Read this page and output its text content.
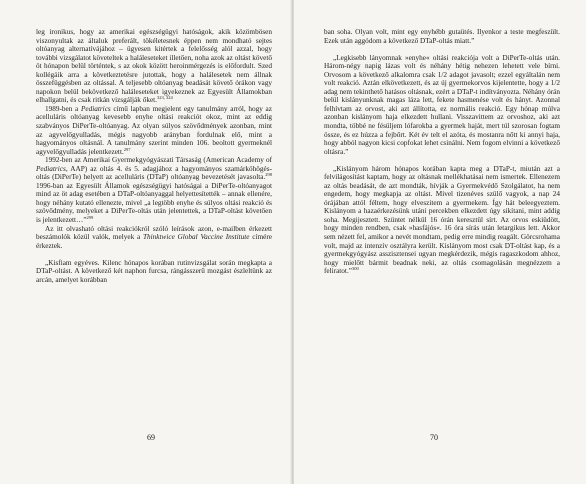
leg ironikus, hogy az amerikai egészségügyi hatóságok, akik közömbösen viszonyultak az általuk preferált, tökéletesnek éppen nem mondható sejtes oltóanyag alternatívájához – ügyesen kitértek a felelősség alól azzal, hogy további vizsgálatot követeltek a haláleseteket illetően, noha azok az oltást követő öt hónapon belül történtek, s az okok között heroinmérgezés is előfordult. Szed kollégáik arra a következtetésre jutottak, hogy a halálesetek nem állnak összefüggésben az oltással. A teljesebb oltóanyag beadását követő órákon vagy napokon belül bekövetkező haláleseteket igyekeznek az Egyesült Államokban elhallgatni, és csak ritkán vizsgálják őket.$^{323, 324}$

1989-ben a Pediatrics című lapban megjelent egy tanulmány arról, hogy az acelluláris oltóanyag kevesebb enyhe oltási reakciót okoz, mint az eddig szabványos DiPerTe-oltóanyag. Az olyan súlyos szövődmények azonban, mint az agyvelőgyulladás, mégis nagyobb arányban fordulnak elő, mint a hagyományos oltásnál. A tanulmány szerint minden 106. beoltott gyermeknél agyvelőgyulladás jelentkezett.$^{297}$

1992-ben az Amerikai Gyermekgyógyászati Társaság (American Academy of Pediatrics, AAP) az oltás 4. és 5. adagjához a hagyományos szamárköhögés-oltás (DiPerTe) helyett az acelluláris (DTaP) oltóanyag bevezetését javasolta.$^{298}$ 1996-ban az Egyesült Államok egészségügyi hatóságai a DiPerTe-oltóanyagot mind az öt adag esetében a DTaP-oltóanyaggal helyettesítették – annak ellenére, hogy néhány kutató ellenezte, mivel „a legtöbb enyhe és súlyos oltási reakció és szövődmény, melyeket a DiPerTe-oltás után jelentettek, a DTaP-oltást követően is jelentkezett…”$^{299}$

Az itt olvasható oltási reakciókról szóló leírások azon, e-mailben érkezett beszámolók közül valók, melyek a Thinktwice Global Vaccine Institute címére érkeztek.

„Kisfiam egyéves. Kilenc hónapos korában rutinvizsgálat során megkapta a DTaP-oltást. A következő két naphon furcsa, rángásszerű mozgást észleltünk az arcán, amelyet korábban

69

ban soha. Olyan volt, mint egy enyhébb gutaütés. Ilyenkor a teste megfeszült. Ezek után aggódom a következő DTaP-oltás miatt.”

„Legkisebb lányomnak »enyhe« oltási reakciója volt a DiPerTe-oltás után. Három-négy napig lázas volt és néhány hétig nehezen lehetett vele bírni. Orvosom a következő alkalomra csak 1/2 adagot javasolt; ezzel egyáltalán nem volt reakció. Aztán elkövetkezett, és az új gyermekorvos kijelentette, hogy a 1/2 adag nem tekinthető hatásos oltásnak, ezért a DTaP-t indítványozta. Néhány órán belül kislányunknak magas láza lett, fekete hasmenése volt és hányt. Azonnal felhívtam az orvost, aki azt állította, ez normális reakció. Egy hónap múlva azonban kislányom haja elkezdett hullani. Visszavittem az orvoshoz, aki azt mondta, többé ne fésüljem lófarokba a gyermek haját, mert túl szorosan fogtam össze, és ez húzza a fejbőrt. Két év telt el azóta, és mostanra nőtt ki annyi haja, hogy abból nagyon kicsi copfokat lehet csinálni. Nem fogom elvinni a következő oltásra.”

„Kislányom három hónapos korában kapta meg a DTaP-t, miután azt a felvilágosítást kaptam, hogy az oltásnak mellékhatásai nem ismertek. Ellenezem az oltás beadását, de azt mondták, hívják a Gyermekvédő Szolgálatot, ha nem engedem, hogy megkapja az oltást. Mivel tizenéves szülő vagyok, a nap 24 órájában attól féltem, hogy elveszitem a gyermekem. Így hát beleegyeztem. Kislányom a hazaérkezésünk utáni percekben elkezdett úgy sikítani, mint addig soha. Megijesztett. Szüntet nélkül 16 órán keresztül sírt. Az orvos eskiüdött, hogy minden rendben, csak »hasfájós«. 16 óra sírás után letargikus lett. Akkor sem nézett fel, amikor a nevét mondtam, pedig erre mindig reagált. Görcsrohama volt, majd az intenzív osztályra került. Kislányom most csak DT-oltást kap, és a gyermekgyógyász asszisztensei ugyan megkérdezik, mégis ragaszkodom ahhoz, hogy mielőtt bármit beadnak neki, az oltás csomagolásán megnézzem a feliratot.”$^{300}$

70
